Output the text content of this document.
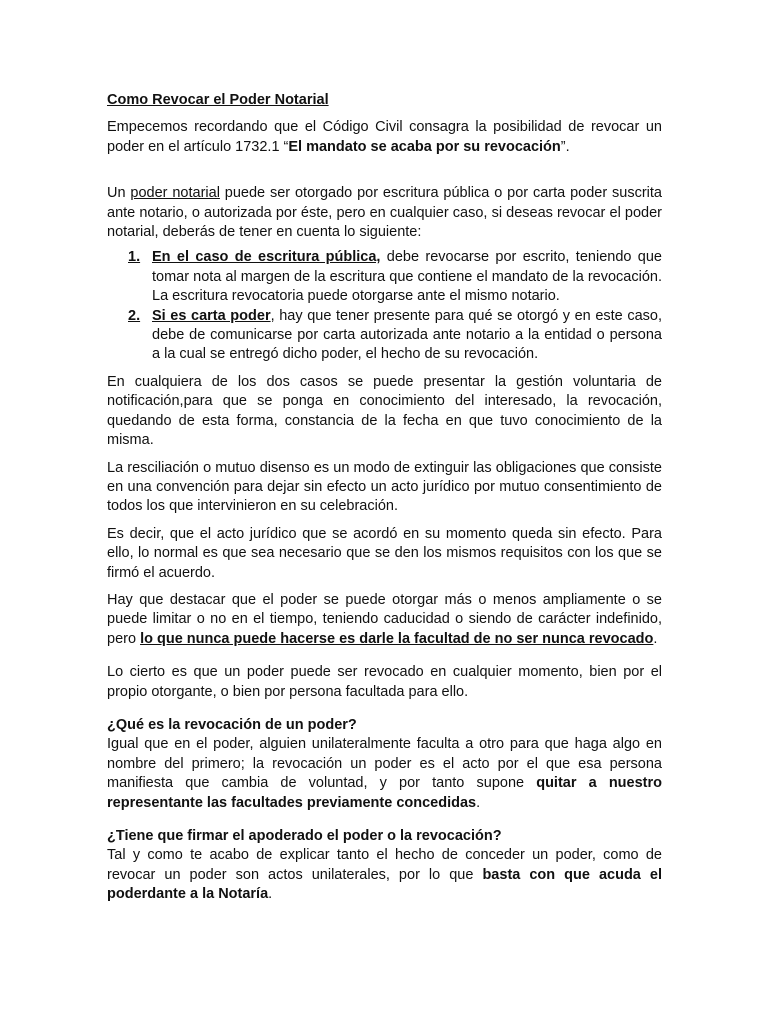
Como Revocar el Poder Notarial

Empecemos recordando que el Código Civil consagra la posibilidad de revocar un poder en el artículo 1732.1 “El mandato se acaba por su revocación”.

Un poder notarial puede ser otorgado por escritura pública o por carta poder suscrita ante notario, o autorizada por éste, pero en cualquier caso, si deseas revocar el poder notarial, deberás de tener en cuenta lo siguiente:

1. En el caso de escritura pública, debe revocarse por escrito, teniendo que tomar nota al margen de la escritura que contiene el mandato de la revocación. La escritura revocatoria puede otorgarse ante el mismo notario.
2. Si es carta poder, hay que tener presente para qué se otorgó y en este caso, debe de comunicarse por carta autorizada ante notario a la entidad o persona a la cual se entregó dicho poder, el hecho de su revocación.

En cualquiera de los dos casos se puede presentar la gestión voluntaria de notificación,para que se ponga en conocimiento del interesado, la revocación, quedando de esta forma, constancia de la fecha en que tuvo conocimiento de la misma.

La resciliación o mutuo disenso es un modo de extinguir las obligaciones que consiste en una convención para dejar sin efecto un acto jurídico por mutuo consentimiento de todos los que intervinieron en su celebración.

Es decir, que el acto jurídico que se acordó en su momento queda sin efecto. Para ello, lo normal es que sea necesario que se den los mismos requisitos con los que se firmó el acuerdo.

Hay que destacar que el poder se puede otorgar más o menos ampliamente o se puede limitar o no en el tiempo, teniendo caducidad o siendo de carácter indefinido, pero lo que nunca puede hacerse es darle la facultad de no ser nunca revocado.

Lo cierto es que un poder puede ser revocado en cualquier momento, bien por el propio otorgante, o bien por persona facultada para ello.

¿Qué es la revocación de un poder?

Igual que en el poder, alguien unilateralmente faculta a otro para que haga algo en nombre del primero; la revocación un poder es el acto por el que esa persona manifiesta que cambia de voluntad, y por tanto supone quitar a nuestro representante las facultades previamente concedidas.

¿Tiene que firmar el apoderado el poder o la revocación?

Tal y como te acabo de explicar tanto el hecho de conceder un poder, como de revocar un poder son actos unilaterales, por lo que basta con que acuda el poderdante a la Notaría.
